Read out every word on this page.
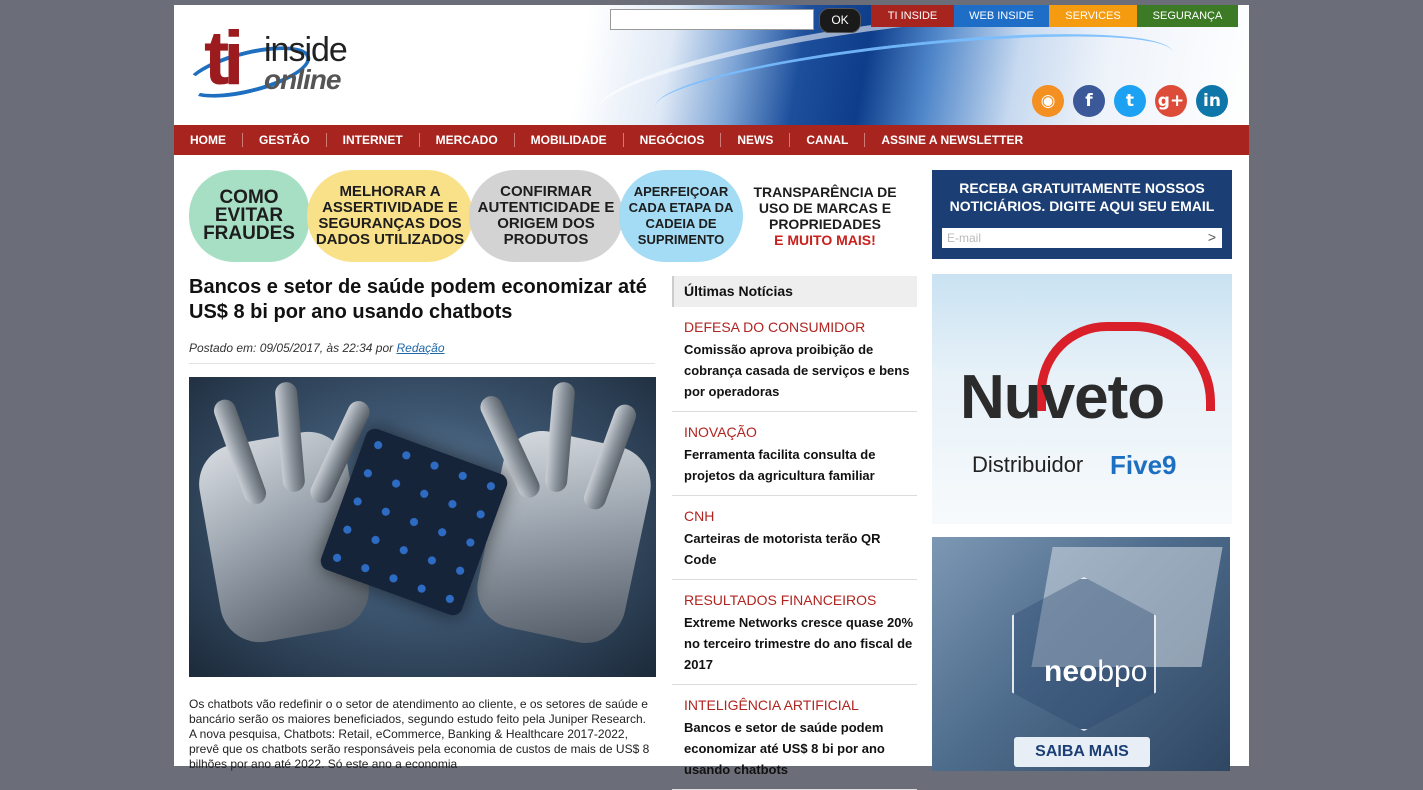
ti inside
online
OK	TI INSIDE	WEB INSIDE	SERVICES	SEGURANÇA
◉	f	t	g+	in
HOME	GESTÃO	INTERNET	MERCADO	MOBILIDADE	NEGÓCIOS	NEWS	CANAL	ASSINE A NEWSLETTER
COMO EVITAR FRAUDES
MELHORAR A ASSERTIVIDADE E SEGURANÇAS DOS DADOS UTILIZADOS
CONFIRMAR AUTENTICIDADE E ORIGEM DOS PRODUTOS
APERFEIÇOAR CADA ETAPA DA CADEIA DE SUPRIMENTO
TRANSPARÊNCIA DE USO DE MARCAS E PROPRIEDADES
E MUITO MAIS!
RECEBA GRATUITAMENTE NOSSOS NOTICIÁRIOS. DIGITE AQUI SEU EMAIL
E-mail	>
Bancos e setor de saúde podem economizar até US$ 8 bi por ano usando chatbots
Postado em: 09/05/2017, às 22:34 por Redação

Os chatbots vão redefinir o o setor de atendimento ao cliente, e os setores de saúde e bancário serão os maiores beneficiados, segundo estudo feito pela Juniper Research. A nova pesquisa, Chatbots: Retail, eCommerce, Banking & Healthcare 2017-2022, prevê que os chatbots serão responsáveis pela economia de custos de mais de US$ 8 bilhões por ano até 2022. Só este ano a economia

Últimas Notícias
DEFESA DO CONSUMIDOR
Comissão aprova proibição de cobrança casada de serviços e bens por operadoras
INOVAÇÃO
Ferramenta facilita consulta de projetos da agricultura familiar
CNH
Carteiras de motorista terão QR Code
RESULTADOS FINANCEIROS
Extreme Networks cresce quase 20% no terceiro trimestre do ano fiscal de 2017
INTELIGÊNCIA ARTIFICIAL
Bancos e setor de saúde podem economizar até US$ 8 bi por ano usando chatbots
Nuveto
Distribuidor Five9
neobpo
SAIBA MAIS
